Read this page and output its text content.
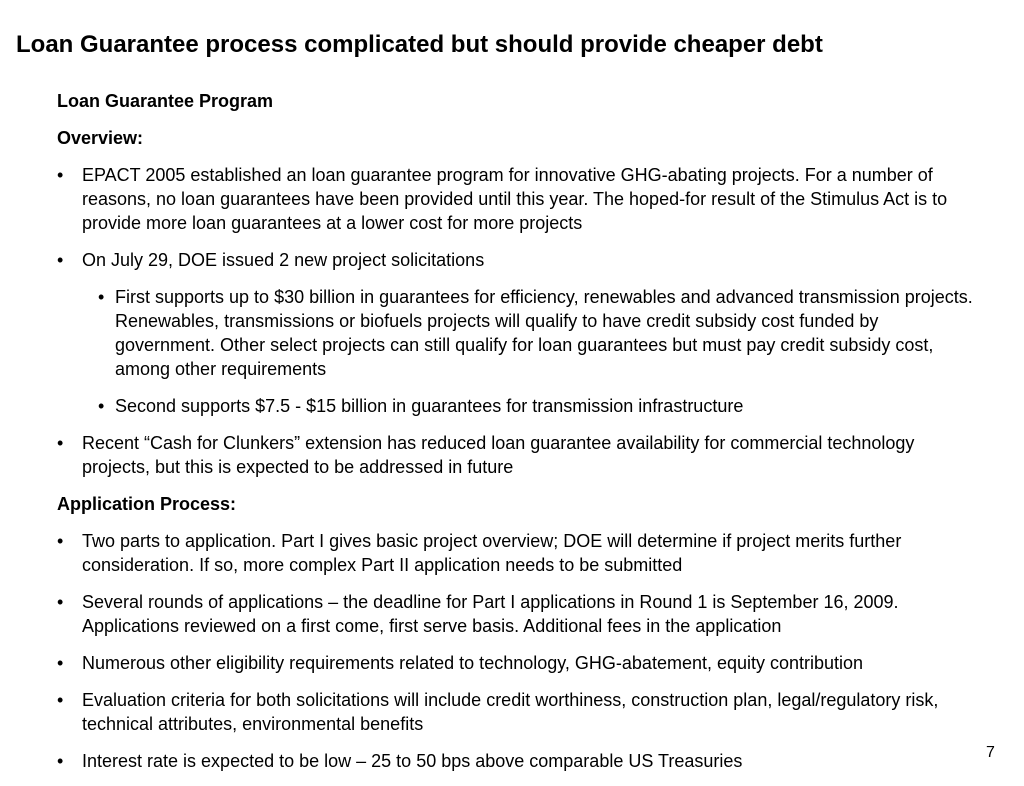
Loan Guarantee process complicated but should provide cheaper debt

Loan Guarantee Program

Overview:

• EPACT 2005 established an loan guarantee program for innovative GHG-abating projects. For a number of reasons, no loan guarantees have been provided until this year. The hoped-for result of the Stimulus Act is to provide more loan guarantees at a lower cost for more projects
• On July 29, DOE issued 2 new project solicitations
• First supports up to $30 billion in guarantees for efficiency, renewables and advanced transmission projects. Renewables, transmissions or biofuels projects will qualify to have credit subsidy cost funded by government. Other select projects can still qualify for loan guarantees but must pay credit subsidy cost, among other requirements
• Second supports $7.5 - $15 billion in guarantees for transmission infrastructure
• Recent “Cash for Clunkers” extension has reduced loan guarantee availability for commercial technology projects, but this is expected to be addressed in future

Application Process:

• Two parts to application. Part I gives basic project overview; DOE will determine if project merits further consideration. If so, more complex Part II application needs to be submitted
• Several rounds of applications – the deadline for Part I applications in Round 1 is September 16, 2009. Applications reviewed on a first come, first serve basis. Additional fees in the application
• Numerous other eligibility requirements related to technology, GHG-abatement, equity contribution
• Evaluation criteria for both solicitations will include credit worthiness, construction plan, legal/regulatory risk, technical attributes, environmental benefits
• Interest rate is expected to be low – 25 to 50 bps above comparable US Treasuries	7
